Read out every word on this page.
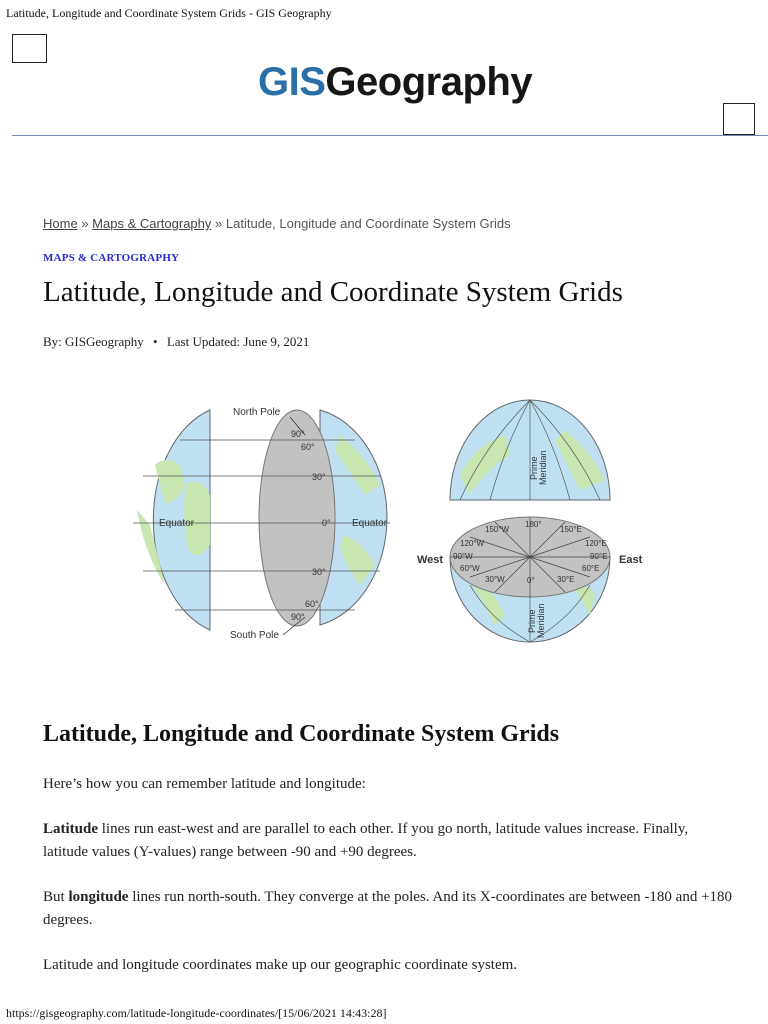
Latitude, Longitude and Coordinate System Grids - GIS Geography
GISGeography
Home » Maps & Cartography » Latitude, Longitude and Coordinate System Grids
MAPS & CARTOGRAPHY
Latitude, Longitude and Coordinate System Grids
By: GISGeography • Last Updated: June 9, 2021
North Pole
South Pole
Equator	Equator
90°
60°
30°
0°
30°
60°
90°
Prime Meridian
West	East
180°
150°W	150°E
120°W	120°E
90°W	90°E
60°W	60°E
30°W	30°E
0°
Prime Meridian
Latitude, Longitude and Coordinate System Grids

Here’s how you can remember latitude and longitude:

Latitude lines run east-west and are parallel to each other. If you go north, latitude values increase. Finally, latitude values (Y-values) range between -90 and +90 degrees.

But longitude lines run north-south. They converge at the poles. And its X-coordinates are between -180 and +180 degrees.

Latitude and longitude coordinates make up our geographic coordinate system.

https://gisgeography.com/latitude-longitude-coordinates/[15/06/2021 14:43:28]
